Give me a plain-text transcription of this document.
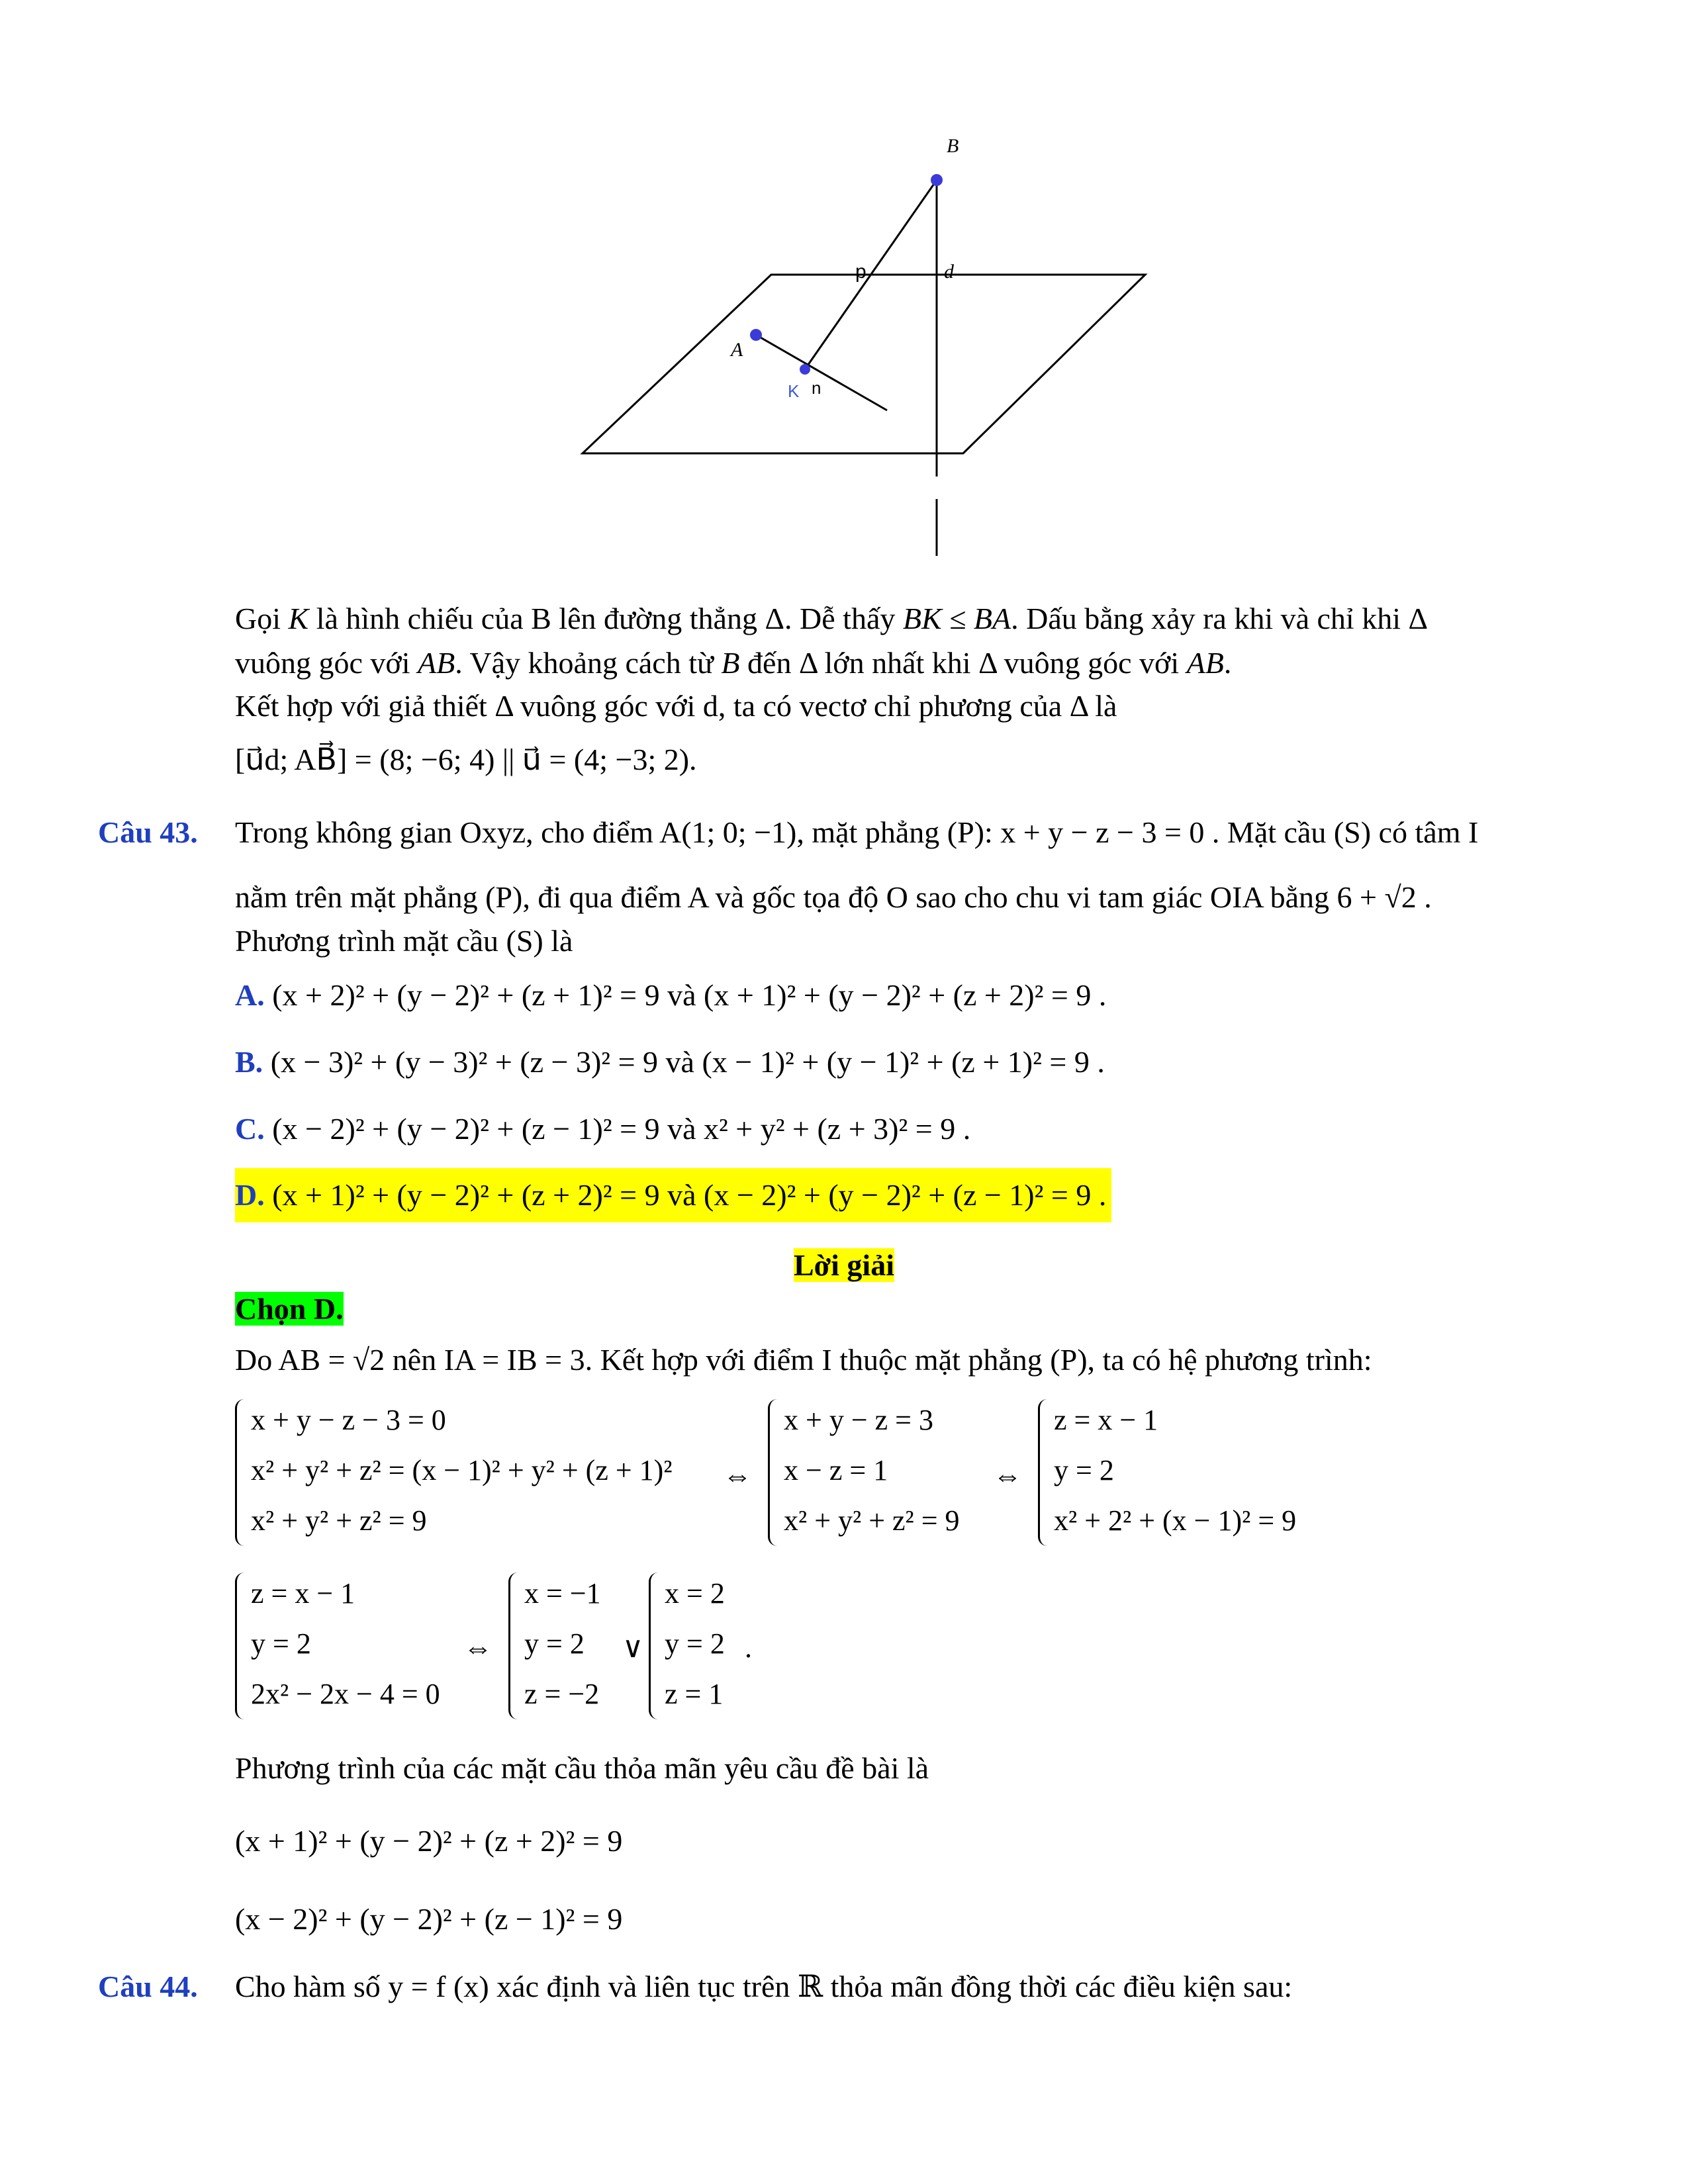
B
d
p
A
K n
Gọi K là hình chiếu của B lên đường thẳng Δ. Dễ thấy BK ≤ BA. Dấu bằng xảy ra khi và chỉ khi Δ
vuông góc với AB. Vậy khoảng cách từ B đến Δ lớn nhất khi Δ vuông góc với AB.
Kết hợp với giả thiết Δ vuông góc với d, ta có vectơ chỉ phương của Δ là
[u⃗d; AB⃗] = (8; −6; 4) || u⃗ = (4; −3; 2).
Câu 43. Trong không gian Oxyz, cho điểm A(1; 0; −1), mặt phẳng (P): x + y − z − 3 = 0 . Mặt cầu (S) có tâm I
nằm trên mặt phẳng (P), đi qua điểm A và gốc tọa độ O sao cho chu vi tam giác OIA bằng 6 + √2 .
Phương trình mặt cầu (S) là
A. (x + 2)² + (y − 2)² + (z + 1)² = 9 và (x + 1)² + (y − 2)² + (z + 2)² = 9 .
B. (x − 3)² + (y − 3)² + (z − 3)² = 9 và (x − 1)² + (y − 1)² + (z + 1)² = 9 .
C. (x − 2)² + (y − 2)² + (z − 1)² = 9 và x² + y² + (z + 3)² = 9 .
D. (x + 1)² + (y − 2)² + (z + 2)² = 9 và (x − 2)² + (y − 2)² + (z − 1)² = 9 .
Lời giải
Chọn D.
Do AB = √2 nên IA = IB = 3. Kết hợp với điểm I thuộc mặt phẳng (P), ta có hệ phương trình:
x + y − z − 3 = 0
x² + y² + z² = (x − 1)² + y² + (z + 1)²
x² + y² + z² = 9
⇔
x + y − z = 3
x − z = 1
x² + y² + z² = 9
⇔
z = x − 1
y = 2
x² + 2² + (x − 1)² = 9
z = x − 1
y = 2
2x² − 2x − 4 = 0
⇔
x = −1
y = 2
z = −2
∨
x = 2
y = 2
z = 1
.
Phương trình của các mặt cầu thỏa mãn yêu cầu đề bài là
(x + 1)² + (y − 2)² + (z + 2)² = 9
(x − 2)² + (y − 2)² + (z − 1)² = 9
Câu 44. Cho hàm số y = f (x) xác định và liên tục trên ℝ thỏa mãn đồng thời các điều kiện sau:
